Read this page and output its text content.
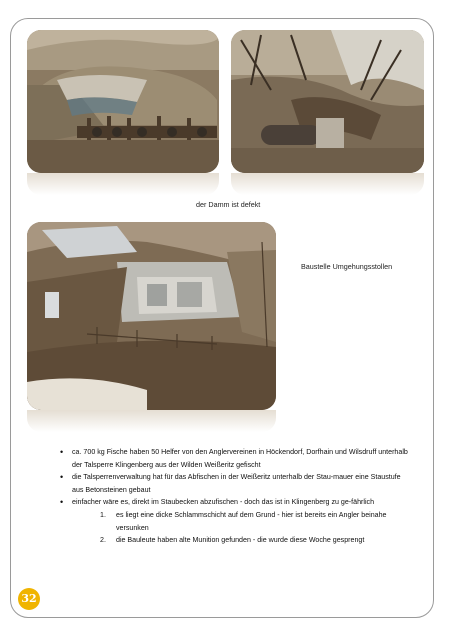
der Damm ist defekt
Baustelle Umgehungsstollen
• ca. 700 kg Fische haben 50 Helfer von den Anglervereinen in Höckendorf, Dorfhain und Wilsdruff unterhalb der Talsperre Klingenberg aus der Wilden Weißeritz gefischt
• die Talsperrenverwaltung hat für das Abfischen in der Weißeritz unterhalb der Stau-mauer eine Staustufe aus Betonsteinen gebaut
• einfacher wäre es, direkt im Staubecken abzufischen - doch das ist in Klingenberg zu ge-fährlich
1. es liegt eine dicke Schlammschicht auf dem Grund - hier ist bereits ein Angler beinahe versunken
2. die Bauleute haben alte Munition gefunden - die wurde diese Woche gesprengt
32
